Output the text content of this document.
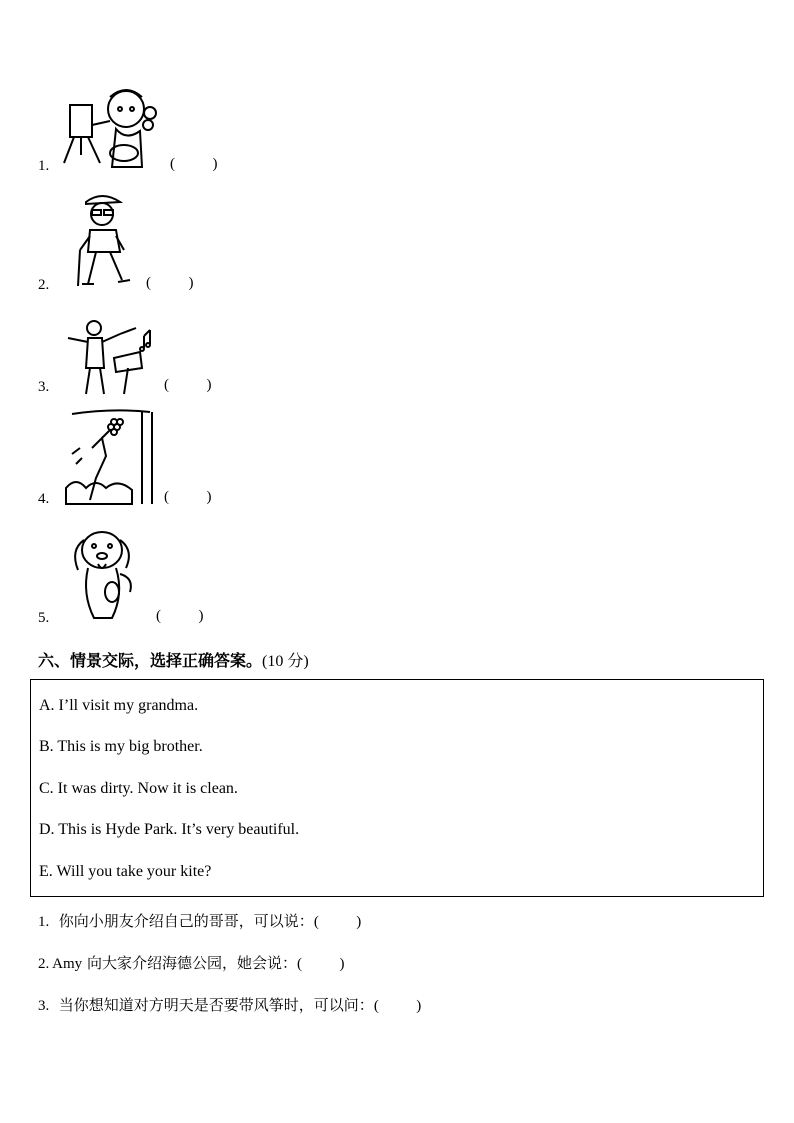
1.	(          )
2.	(          )
3.	(          )
4.	(          )
5.	(          )
六、情景交际，选择正确答案。(10 分)
A. I’ll visit my grandma.
B. This is my big brother.
C. It was dirty. Now it is clean.
D. This is Hyde Park. It’s very beautiful.
E. Will you take your kite?
1. 你向小朋友介绍自己的哥哥，可以说：(          )
2. Amy 向大家介绍海德公园，她会说：(          )
3. 当你想知道对方明天是否要带风筝时，可以问：(          )
